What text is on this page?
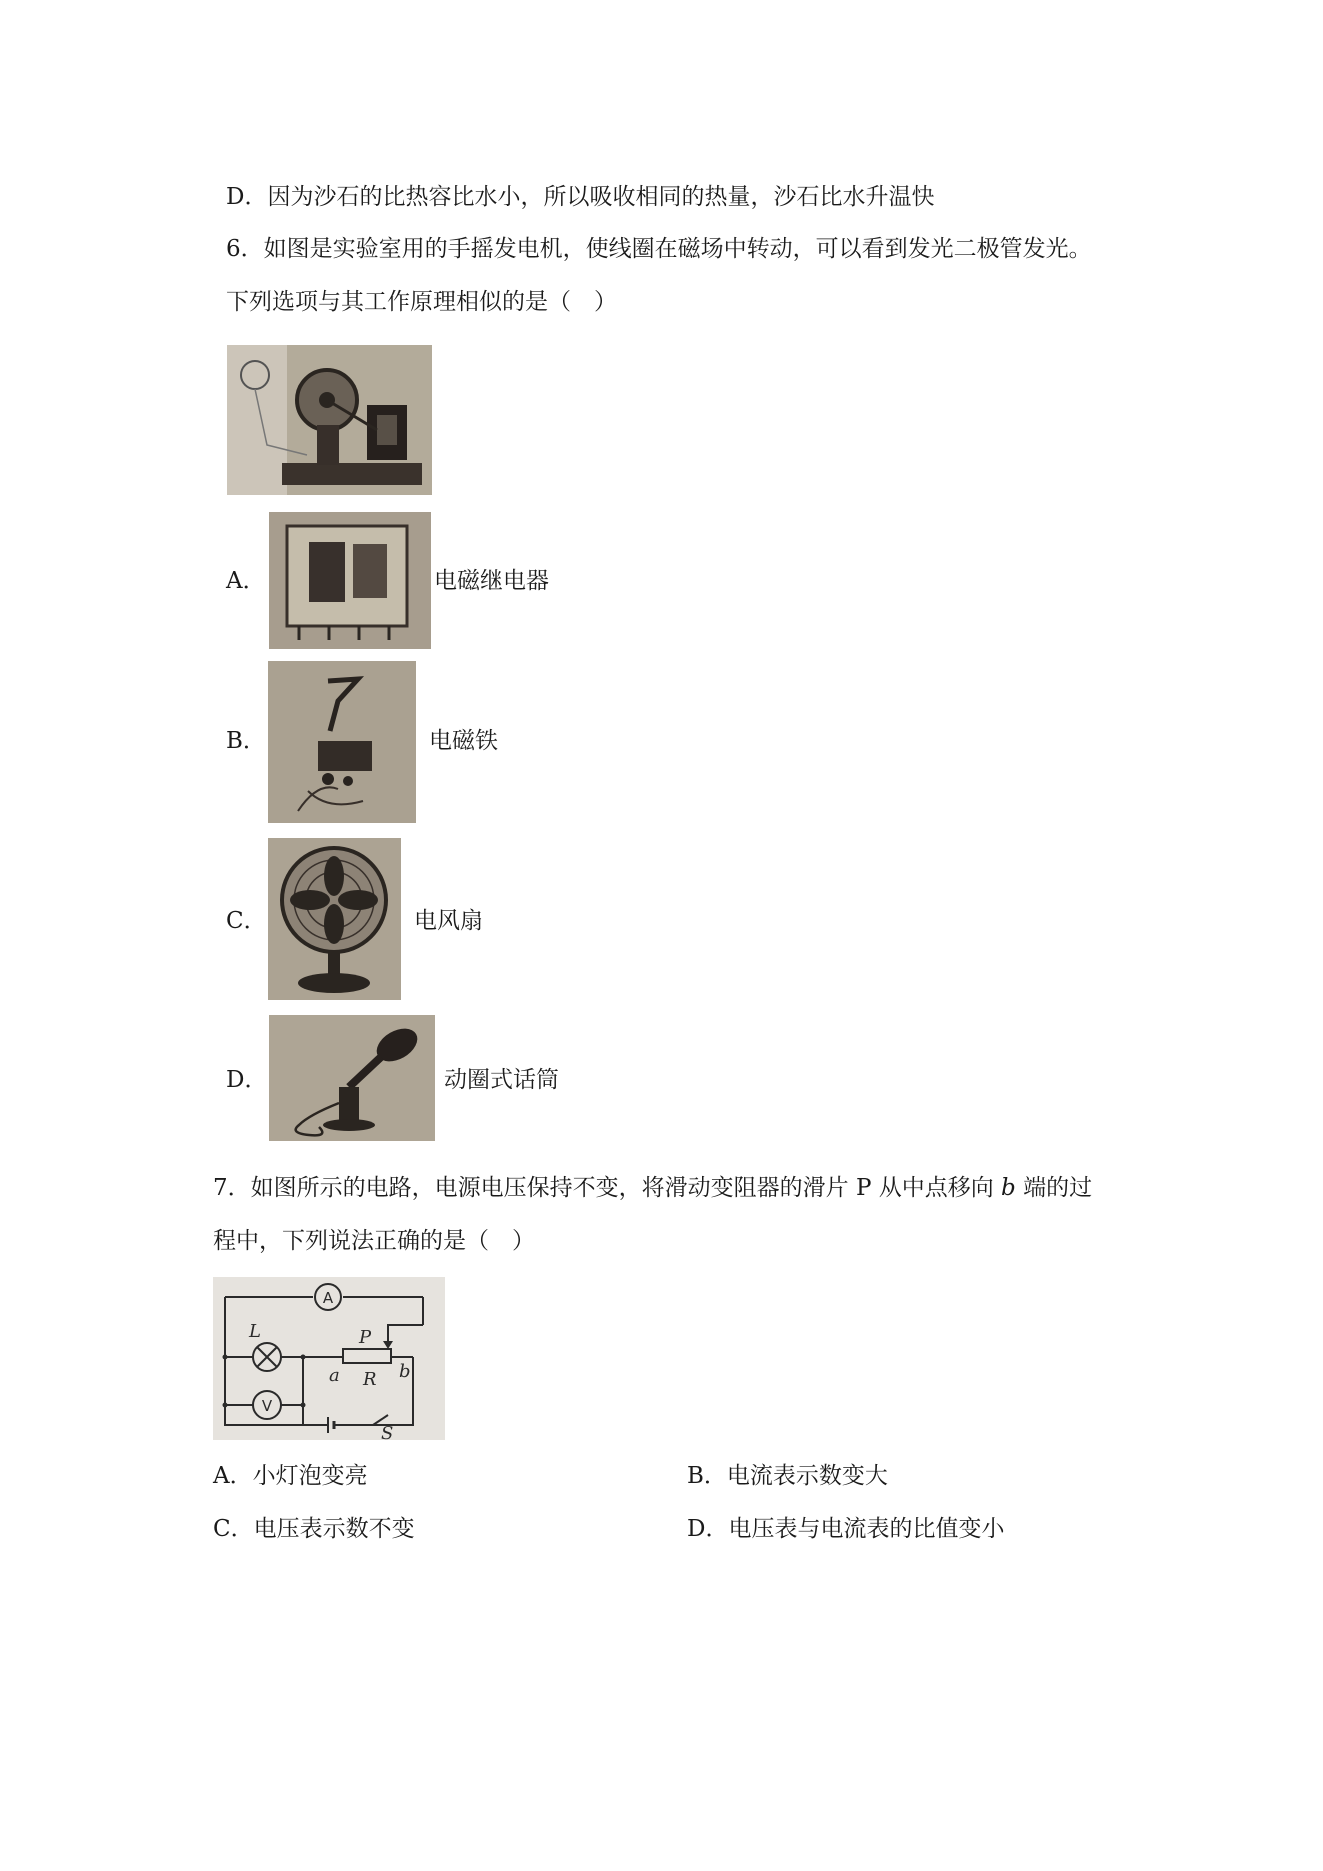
D．因为沙石的比热容比水小，所以吸收相同的热量，沙石比水升温快
6．如图是实验室用的手摇发电机，使线圈在磁场中转动，可以看到发光二极管发光。
下列选项与其工作原理相似的是（　）
A．	电磁继电器
B．	电磁铁
C．	电风扇
D．	动圈式话筒
7．如图所示的电路，电源电压保持不变，将滑动变阻器的滑片 P 从中点移向 b 端的过
程中，下列说法正确的是（　）
A
V
L	P
R
a	b
S
A．小灯泡变亮	B．电流表示数变大
C．电压表示数不变	D．电压表与电流表的比值变小
